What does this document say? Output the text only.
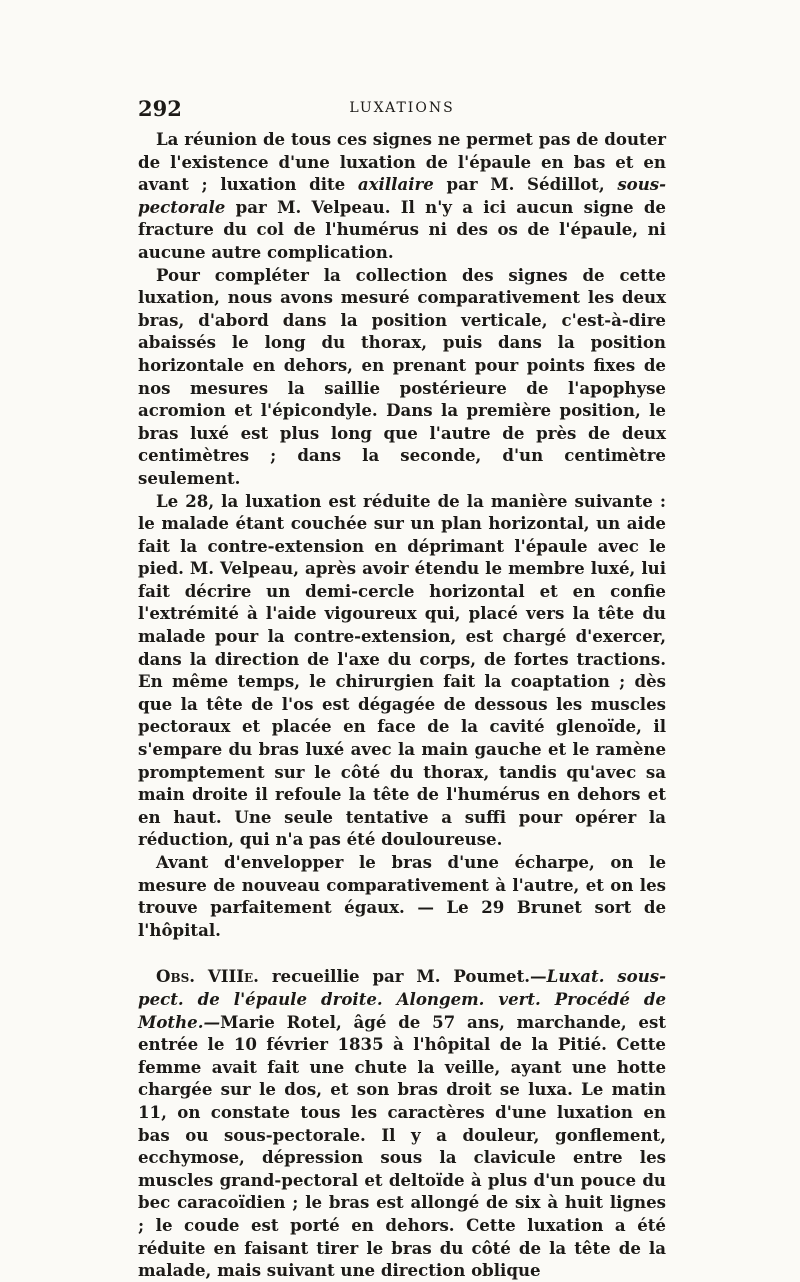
292	LUXATIONS

La réunion de tous ces signes ne permet pas de douter de l'existence d'une luxation de l'épaule en bas et en avant ; luxation dite axillaire par M. Sédillot, sous-pectorale par M. Velpeau. Il n'y a ici aucun signe de fracture du col de l'humérus ni des os de l'épaule, ni aucune autre complication.

Pour compléter la collection des signes de cette luxation, nous avons mesuré comparativement les deux bras, d'abord dans la position verticale, c'est-à-dire abaissés le long du thorax, puis dans la position horizontale en dehors, en prenant pour points fixes de nos mesures la saillie postérieure de l'apophyse acromion et l'épicondyle. Dans la première position, le bras luxé est plus long que l'autre de près de deux centimètres ; dans la seconde, d'un centimètre seulement.

Le 28, la luxation est réduite de la manière suivante : le malade étant couchée sur un plan horizontal, un aide fait la contre-extension en déprimant l'épaule avec le pied. M. Velpeau, après avoir étendu le membre luxé, lui fait décrire un demi-cercle horizontal et en confie l'extrémité à l'aide vigoureux qui, placé vers la tête du malade pour la contre-extension, est chargé d'exercer, dans la direction de l'axe du corps, de fortes tractions. En même temps, le chirurgien fait la coaptation ; dès que la tête de l'os est dégagée de dessous les muscles pectoraux et placée en face de la cavité glenoïde, il s'empare du bras luxé avec la main gauche et le ramène promptement sur le côté du thorax, tandis qu'avec sa main droite il refoule la tête de l'humérus en dehors et en haut. Une seule tentative a suffi pour opérer la réduction, qui n'a pas été douloureuse.

Avant d'envelopper le bras d'une écharpe, on le mesure de nouveau comparativement à l'autre, et on les trouve parfaitement égaux. — Le 29 Brunet sort de l'hôpital.

Obs. VIIIe. recueillie par M. Poumet.—Luxat. sous-pect. de l'épaule droite. Alongem. vert. Procédé de Mothe.—Marie Rotel, âgé de 57 ans, marchande, est entrée le 10 février 1835 à l'hôpital de la Pitié. Cette femme avait fait une chute la veille, ayant une hotte chargée sur le dos, et son bras droit se luxa. Le matin 11, on constate tous les caractères d'une luxation en bas ou sous-pectorale. Il y a douleur, gonflement, ecchymose, dépression sous la clavicule entre les muscles grand-pectoral et deltoïde à plus d'un pouce du bec caracoïdien ; le bras est allongé de six à huit lignes ; le coude est porté en dehors. Cette luxation a été réduite en faisant tirer le bras du côté de la tête de la malade, mais suivant une direction oblique
